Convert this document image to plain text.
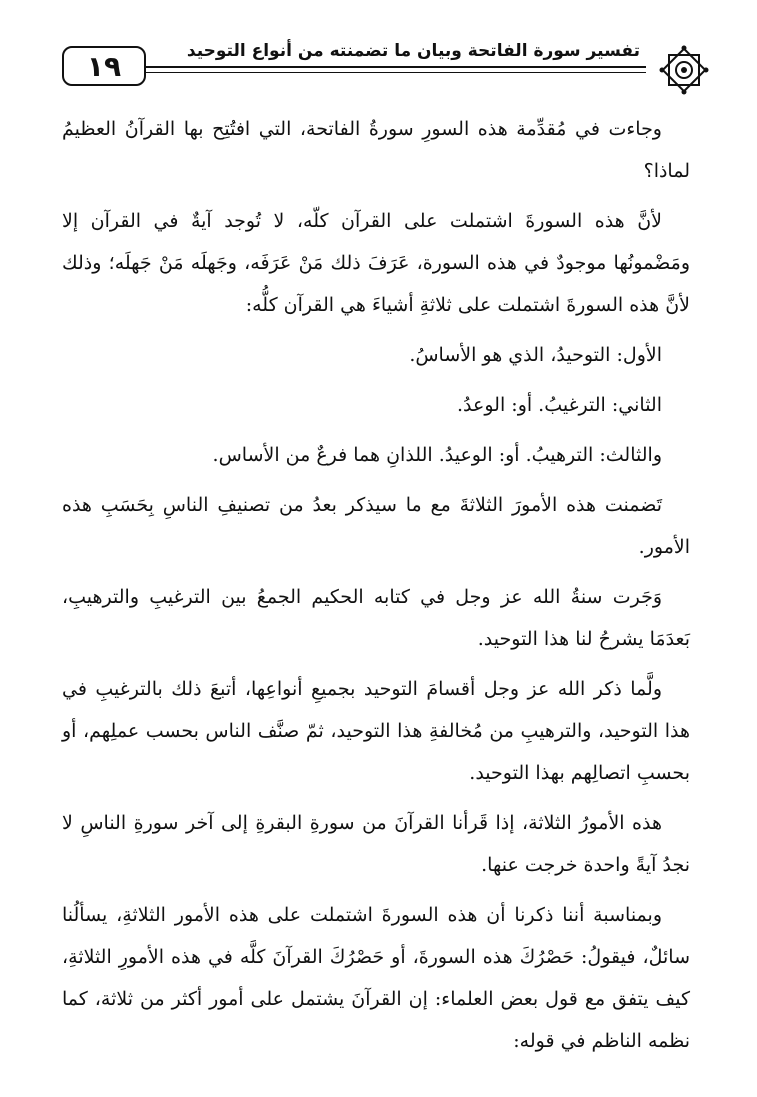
١٩	تفسير سورة الفاتحة وبيان ما تضمنته من أنواع التوحيد

وجاءت في مُقدِّمة هذه السورِ سورةُ الفاتحة، التي افتُتِح بها القرآنُ العظيمُ لماذا؟

لأنَّ هذه السورةَ اشتملت على القرآن كلّه، لا تُوجد آيةٌ في القرآن إلا ومَضْمونُها موجودٌ في هذه السورة، عَرَفَ ذلك مَنْ عَرَفَه، وجَهلَه مَنْ جَهلَه؛ وذلك لأنَّ هذه السورةَ اشتملت على ثلاثةِ أشياءَ هي القرآن كلُّه:

الأول: التوحيدُ، الذي هو الأساسُ.

الثاني: الترغيبُ. أو: الوعدُ.

والثالث: الترهيبُ. أو: الوعيدُ. اللذانِ هما فرعٌ من الأساس.

تَضمنت هذه الأمورَ الثلاثةَ مع ما سيذكر بعدُ من تصنيفِ الناسِ بِحَسَبِ هذه الأمور.

وَجَرت سنةُ الله عز وجل في كتابه الحكيم الجمعُ بين الترغيبِ والترهيبِ، بَعدَمَا يشرحُ لنا هذا التوحيد.

ولَّما ذكر الله عز وجل أقسامَ التوحيد بجميعِ أنواعِها، أتبعَ ذلك بالترغيبِ في هذا التوحيد، والترهيبِ من مُخالفةِ هذا التوحيد، ثمّ صنَّف الناس بحسب عملِهم، أو بحسبِ اتصالِهم بهذا التوحيد.

هذه الأمورُ الثلاثة، إذا قَرأنا القرآنَ من سورةِ البقرةِ إلى آخر سورةِ الناسِ لا نجدُ آيةً واحدة خرجت عنها.

وبمناسبة أننا ذكرنا أن هذه السورةَ اشتملت على هذه الأمور الثلاثةِ، يسألُنا سائلٌ، فيقولُ: حَصْرُكَ هذه السورةَ، أو حَصْرُكَ القرآنَ كلَّه في هذه الأمورِ الثلاثةِ، كيف يتفق مع قول بعض العلماء: إن القرآنَ يشتمل على أمور أكثر من ثلاثة، كما نظمه الناظم في قوله:
